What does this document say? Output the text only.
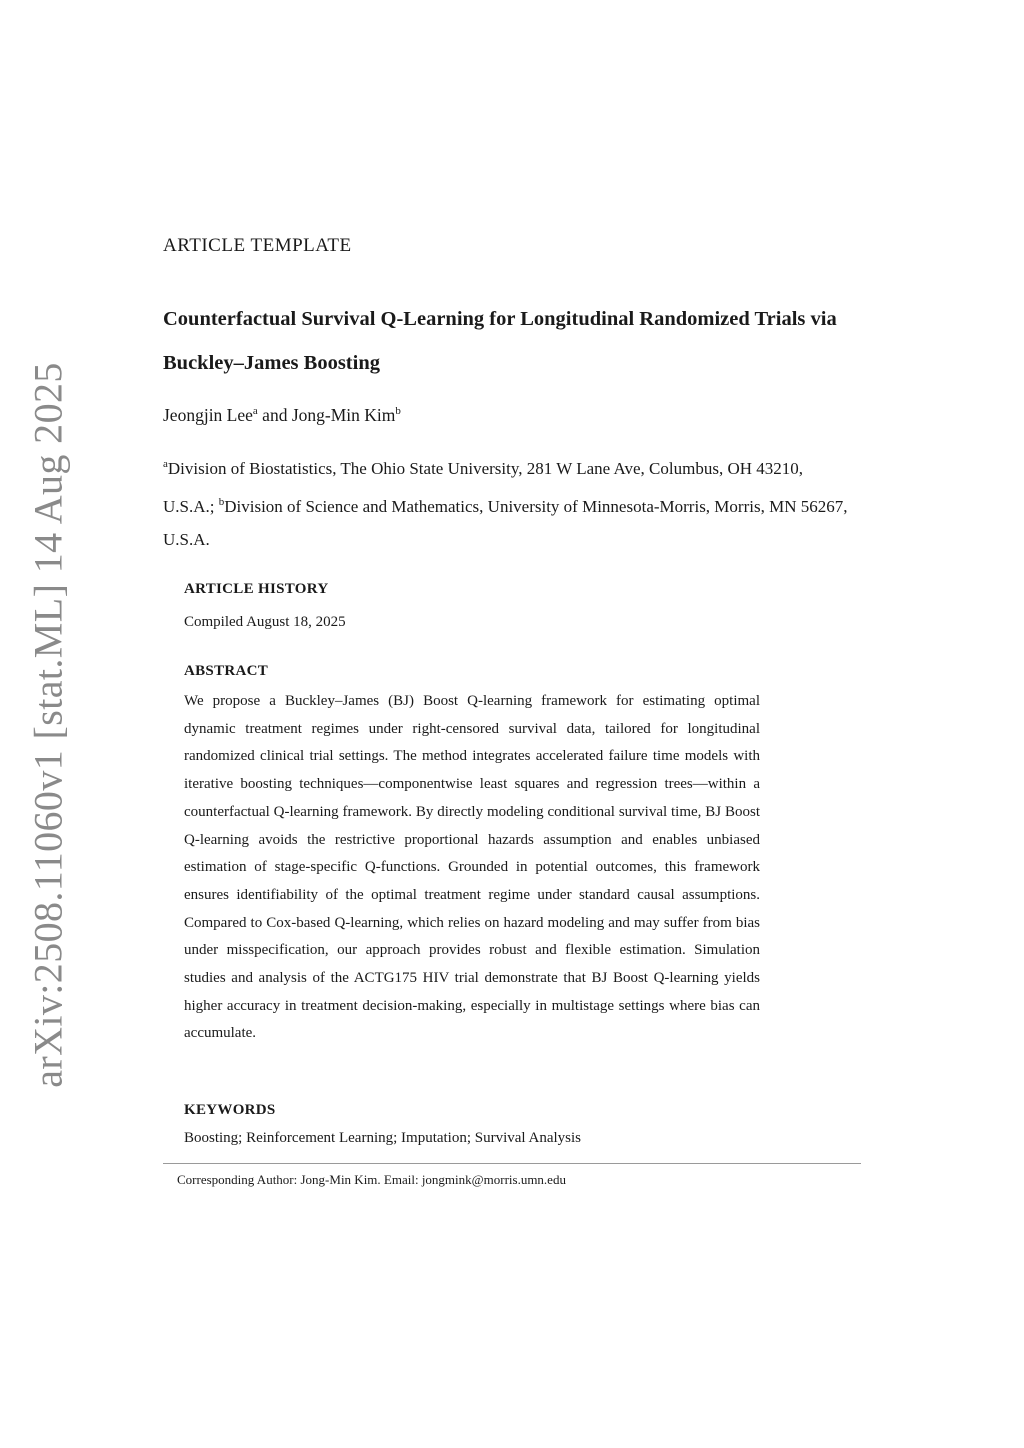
arXiv:2508.11060v1 [stat.ML] 14 Aug 2025
ARTICLE TEMPLATE
Counterfactual Survival Q-Learning for Longitudinal Randomized Trials via Buckley–James Boosting
Jeongjin Lee$^a$ and Jong-Min Kim$^b$
$^a$Division of Biostatistics, The Ohio State University, 281 W Lane Ave, Columbus, OH 43210, U.S.A.; $^b$Division of Science and Mathematics, University of Minnesota-Morris, Morris, MN 56267, U.S.A.
ARTICLE HISTORY
Compiled August 18, 2025
ABSTRACT
We propose a Buckley–James (BJ) Boost Q-learning framework for estimating optimal dynamic treatment regimes under right-censored survival data, tailored for longitudinal randomized clinical trial settings. The method integrates accelerated failure time models with iterative boosting techniques—componentwise least squares and regression trees—within a counterfactual Q-learning framework. By directly modeling conditional survival time, BJ Boost Q-learning avoids the restrictive proportional hazards assumption and enables unbiased estimation of stage-specific Q-functions. Grounded in potential outcomes, this framework ensures identifiability of the optimal treatment regime under standard causal assumptions. Compared to Cox-based Q-learning, which relies on hazard modeling and may suffer from bias under misspecification, our approach provides robust and flexible estimation. Simulation studies and analysis of the ACTG175 HIV trial demonstrate that BJ Boost Q-learning yields higher accuracy in treatment decision-making, especially in multistage settings where bias can accumulate.
KEYWORDS
Boosting; Reinforcement Learning; Imputation; Survival Analysis
Corresponding Author: Jong-Min Kim. Email: jongmink@morris.umn.edu
